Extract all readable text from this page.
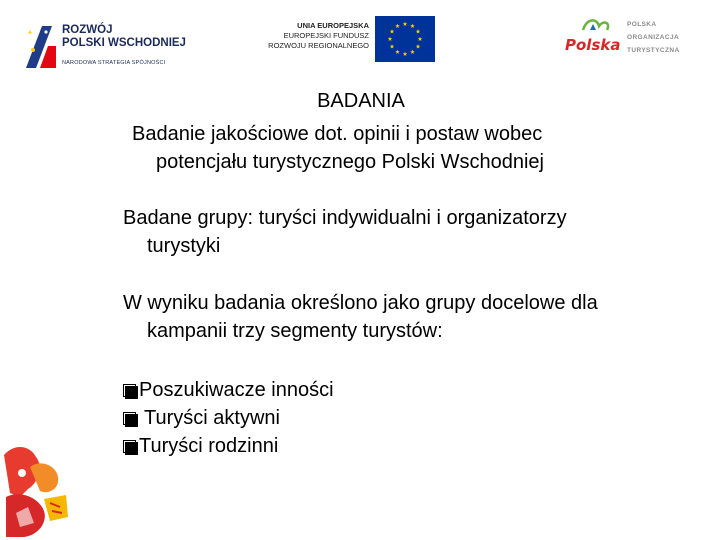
ROZWÓJ
POLSKI WSCHODNIEJ
NARODOWA STRATEGIA SPÓJNOŚCI
UNIA EUROPEJSKA
EUROPEJSKI FUNDUSZ
ROZWOJU REGIONALNEGO	Polska
POLSKA
ORGANIZACJA
TURYSTYCZNA
BADANIA
Badanie jakościowe dot. opinii i postaw wobec
potencjału turystycznego Polski Wschodniej
Badane grupy: turyści indywidualni i organizatorzy
turystyki
W wyniku badania określono jako grupy docelowe dla
kampanii trzy segmenty turystów:
Poszukiwacze inności
Turyści aktywni
Turyści rodzinni
